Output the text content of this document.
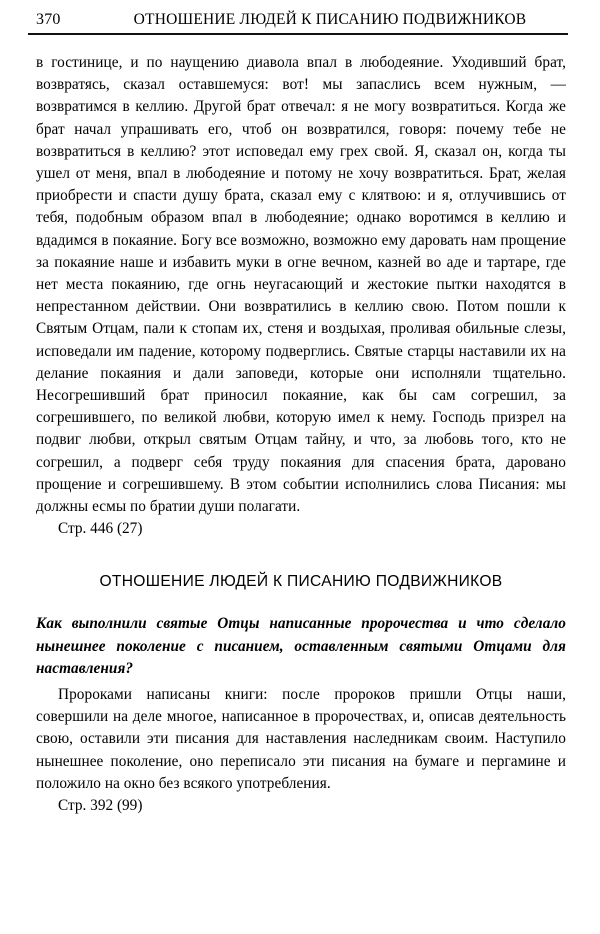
370	ОТНОШЕНИЕ ЛЮДЕЙ К ПИСАНИЮ ПОДВИЖНИКОВ

в гостинице, и по наущению диавола впал в любодеяние. Уходивший брат, возвратясь, сказал оставшемуся: вот! мы запаслись всем нужным, — возвратимся в келлию. Другой брат отвечал: я не могу возвратиться. Когда же брат начал упрашивать его, чтоб он возвратился, говоря: почему тебе не возвратиться в келлию? этот исповедал ему грех свой. Я, сказал он, когда ты ушел от меня, впал в любодеяние и потому не хочу возвратиться. Брат, желая приобрести и спасти душу брата, сказал ему с клятвою: и я, отлучившись от тебя, подобным образом впал в любодеяние; однако воротимся в келлию и вдадимся в покаяние. Богу все возможно, возможно ему даровать нам прощение за покаяние наше и избавить муки в огне вечном, казней во аде и тартаре, где нет места покаянию, где огнь неугасающий и жестокие пытки находятся в непрестанном действии. Они возвратились в келлию свою. Потом пошли к Святым Отцам, пали к стопам их, стеня и воздыхая, проливая обильные слезы, исповедали им падение, которому подверглись. Святые старцы наставили их на делание покаяния и дали заповеди, которые они исполняли тщательно. Несогрешивший брат приносил покаяние, как бы сам согрешил, за согрешившего, по великой любви, которую имел к нему. Господь призрел на подвиг любви, открыл святым Отцам тайну, и что, за любовь того, кто не согрешил, а подверг себя труду покаяния для спасения брата, даровано прощение и согрешившему. В этом событии исполнились слова Писания: мы должны есмы по братии души полагати.

Стр. 446 (27)

ОТНОШЕНИЕ ЛЮДЕЙ К ПИСАНИЮ ПОДВИЖНИКОВ

Как выполнили святые Отцы написанные пророчества и что сделало нынешнее поколение с писанием, оставленным святыми Отцами для наставления?

Пророками написаны книги: после пророков пришли Отцы наши, совершили на деле многое, написанное в пророчествах, и, описав деятельность свою, оставили эти писания для наставления наследникам своим. Наступило нынешнее поколение, оно переписало эти писания на бумаге и пергамине и положило на окно без всякого употребления.

Стр. 392 (99)
